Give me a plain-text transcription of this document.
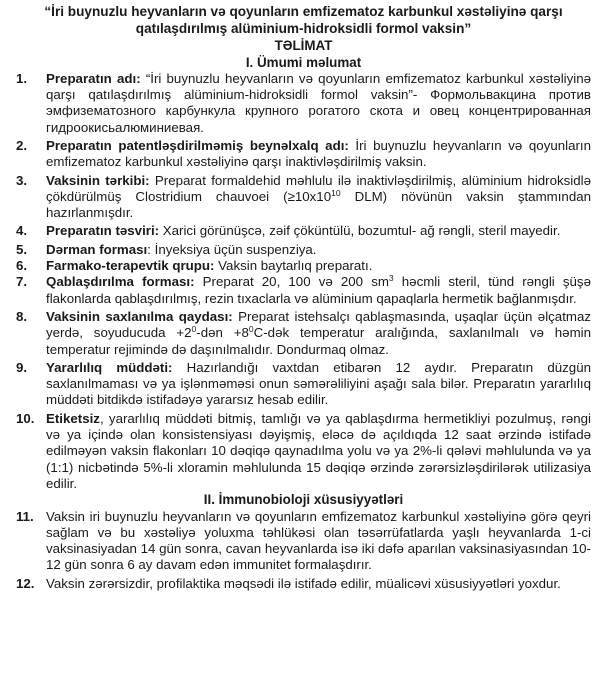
“İri buynuzlu heyvanların və qoyunların emfizematoz karbunkul xəstəliyinə qarşı qatılaşdırılmış alüminium-hidroksidli formol vaksin”

TƏLİMAT

I. Ümumi məlumat

1.	Preparatın adı: “İri buynuzlu heyvanların və qoyunların emfizematoz karbunkul xəstəliyinə qarşı qatılaşdırılmış alüminium-hidroksidli formol vaksin”- Формольвакцина против эмфизематозного карбункула крупного рогатого скота и овец концентрированная гидроокисьалюминиевая.
2.	Preparatın patentləşdirilməmiş beynəlxalq adı: İri buynuzlu heyvanların və qoyunların emfizematoz karbunkul xəstəliyinə qarşı inaktivləşdirilmiş vaksin.
3.	Vaksinin tərkibi: Preparat formaldehid məhlulu ilə inaktivləşdirilmiş, alüminium hidroksidlə çökdürülmüş Clostridium chauvoei ($\ge 10x10^{10}$ DLM) növünün vaksin ştammından hazırlanmışdır.
4.	Preparatın təsviri: Xarici görünüşcə, zəif çöküntülü, bozumtul- ağ rəngli, steril mayedir.
5.	Dərman forması: İnyeksiya üçün suspenziya.
6.	Farmako-terapevtik qrupu: Vaksin baytarlıq preparatı.
7.	Qablaşdırılma forması: Preparat 20, 100 və 200 $sm^3$ həcmli steril, tünd rəngli şüşə flakonlarda qablaşdırılmış, rezin tıxaclarla və alüminium qapaqlarla hermetik bağlanmışdır.
8.	Vaksinin saxlanılma qaydası: Preparat istehsalçı qablaşmasında, uşaqlar üçün əlçatmaz yerdə, soyuducuda $+2^0$-dən $+8^0C$-dək temperatur aralığında, saxlanılmalı və həmin temperatur rejimində də daşınılmalıdır. Dondurmaq olmaz.
9.	Yararlılıq müddəti: Hazırlandığı vaxtdan etibarən 12 aydır. Preparatın düzgün saxlanılmaması və ya işlənməməsi onun səmərəliliyini aşağı sala bilər. Preparatın yararlılıq müddəti bitdikdə istifadəyə yararsız hesab edilir.
10. Etiketsiz, yararlılıq müddəti bitmiş, tamlığı və ya qablaşdırma hermetikliyi pozulmuş, rəngi və ya içində olan konsistensiyası dəyişmiş, eləcə də açıldıqda 12 saat ərzində istifadə edilməyən vaksin flakonları 10 dəqiqə qaynadılma yolu və ya 2%-li qələvi məhlulunda və ya (1:1) nicbətində 5%-li xloramin məhlulunda 15 dəqiqə ərzində zərərsizləşdirilərək utilizasiya edilir.

II. İmmunobioloji xüsusiyyətləri

11. Vaksin iri buynuzlu heyvanların və qoyunların emfizematoz karbunkul xəstəliyinə görə qeyri sağlam və bu xəstəliyə yoluxma təhlükəsi olan təsərrüfatlarda yaşlı heyvanlarda 1-ci vaksinasiyadan 14 gün sonra, cavan heyvanlarda isə iki dəfə aparılan vaksinasiyasından 10-12 gün sonra 6 ay davam edən immunitet formalaşdırır.
12. Vaksin zərərsizdir, profilaktika məqsədi ilə istifadə edilir, müalicəvi xüsusiyyətləri yoxdur.
